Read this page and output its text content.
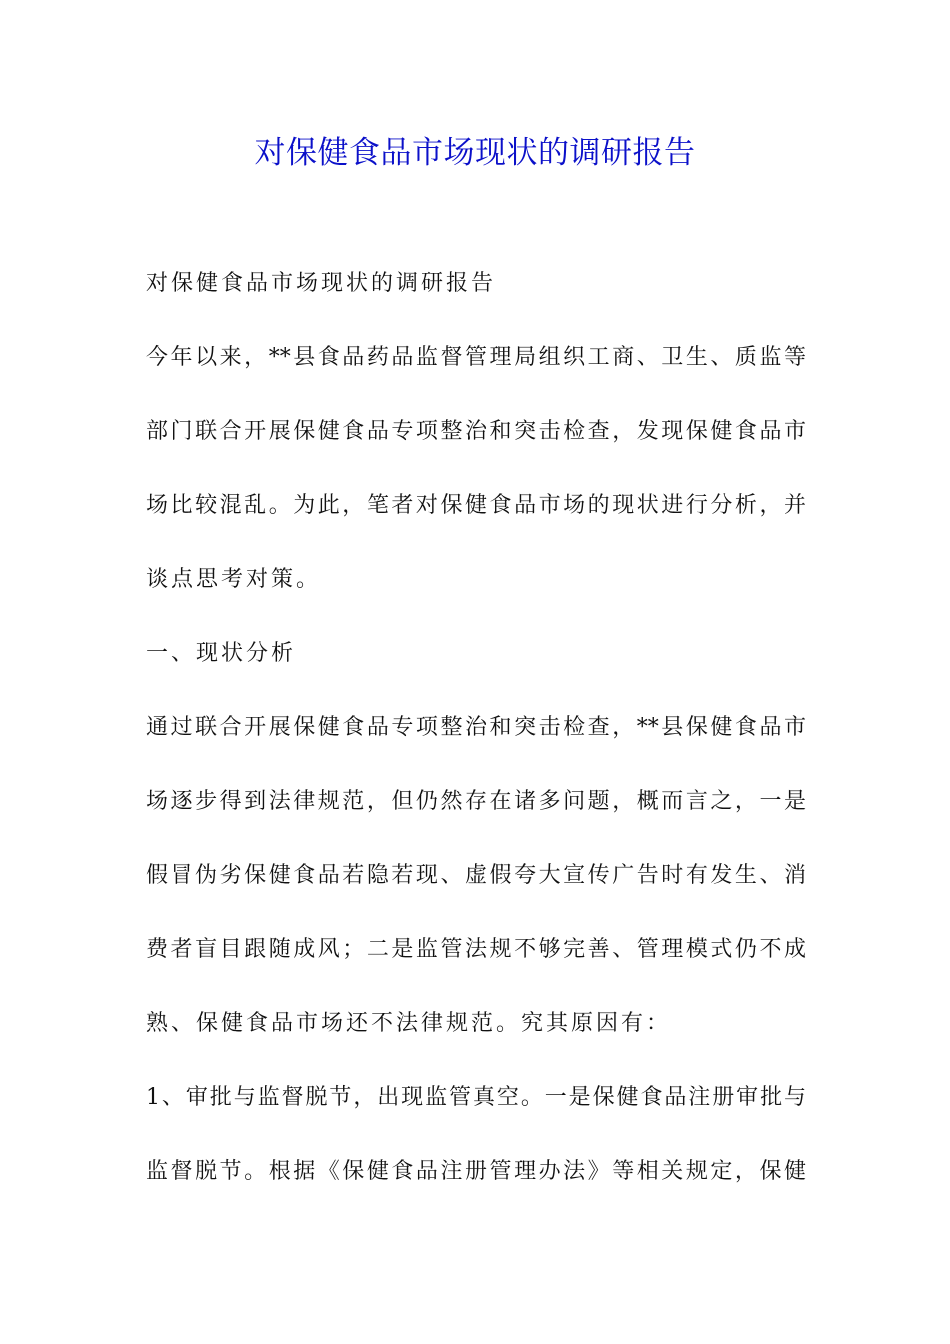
对保健食品市场现状的调研报告
对保健食品市场现状的调研报告
今年以来，**县食品药品监督管理局组织工商、卫生、质监等
部门联合开展保健食品专项整治和突击检查，发现保健食品市
场比较混乱。为此，笔者对保健食品市场的现状进行分析，并
谈点思考对策。
一、现状分析
通过联合开展保健食品专项整治和突击检查，**县保健食品市
场逐步得到法律规范，但仍然存在诸多问题，概而言之，一是
假冒伪劣保健食品若隐若现、虚假夸大宣传广告时有发生、消
费者盲目跟随成风；二是监管法规不够完善、管理模式仍不成
熟、保健食品市场还不法律规范。究其原因有：
1、审批与监督脱节，出现监管真空。一是保健食品注册审批与
监督脱节。根据《保健食品注册管理办法》等相关规定，保健
